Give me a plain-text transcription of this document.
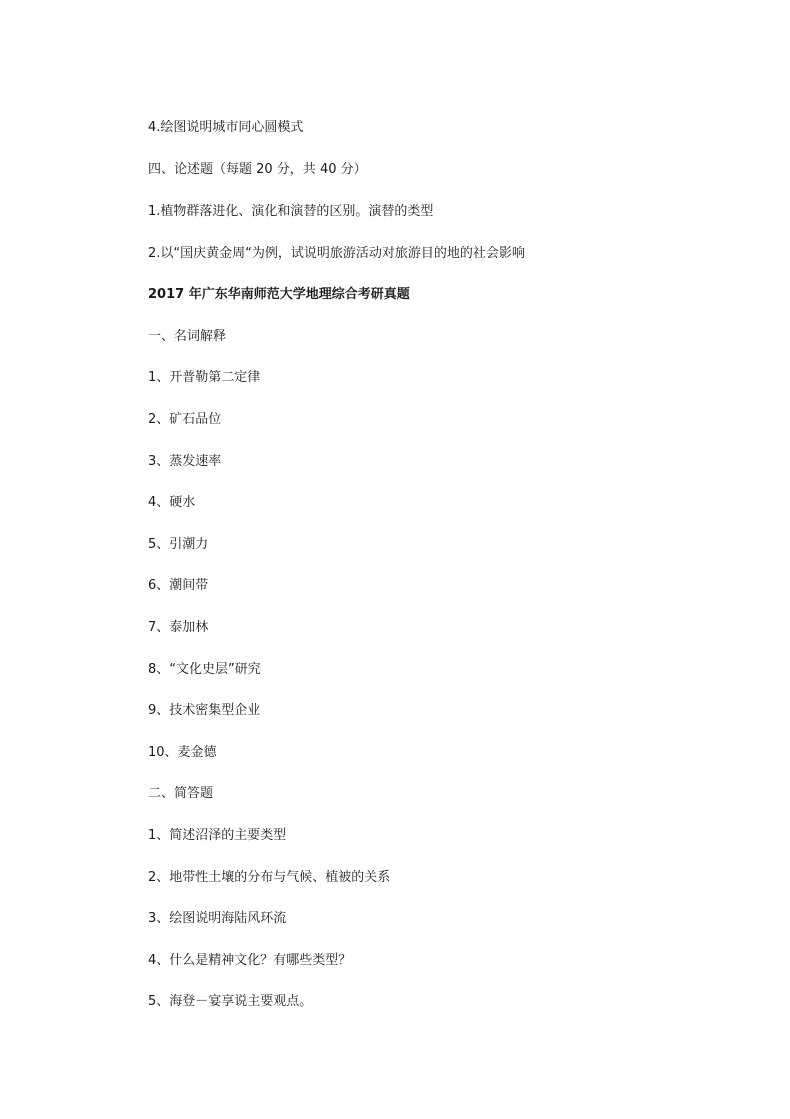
4.绘图说明城市同心圆模式
四、论述题（每题 20 分，共 40 分）
1.植物群落进化、演化和演替的区别。演替的类型
2.以“国庆黄金周“为例，试说明旅游活动对旅游目的地的社会影响
2017 年广东华南师范大学地理综合考研真题
一、名词解释
1、开普勒第二定律
2、矿石品位
3、蒸发速率
4、硬水
5、引潮力
6、潮间带
7、泰加林
8、“文化史层”研究
9、技术密集型企业
10、麦金德
二、简答题
1、简述沼泽的主要类型
2、地带性土壤的分布与气候、植被的关系
3、绘图说明海陆风环流
4、什么是精神文化？有哪些类型？
5、海登－宴享说主要观点。
